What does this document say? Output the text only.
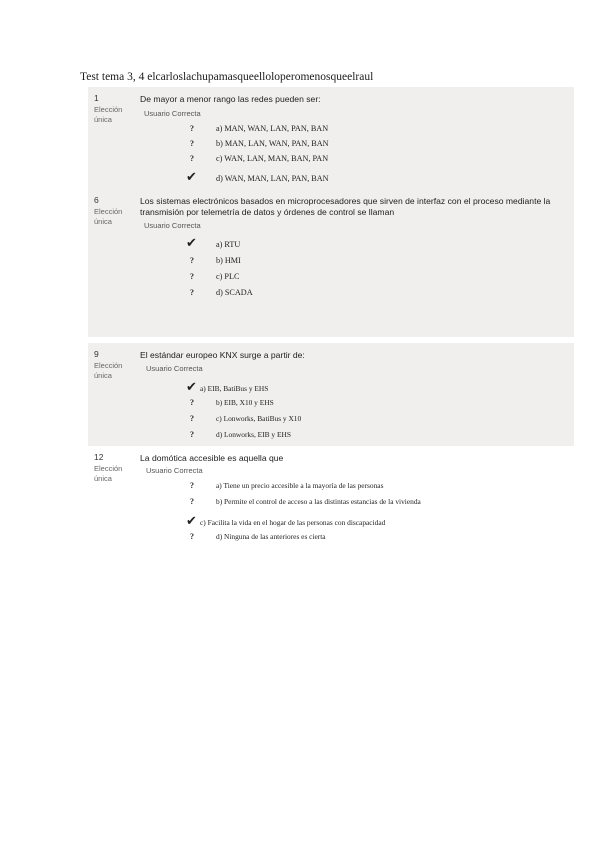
Test tema 3, 4 elcarloslachupamasqueelloloperomenosqueelraul
1
Elección única
De mayor a menor rango las redes pueden ser:
Usuario Correcta
?	a) MAN, WAN, LAN, PAN, BAN
?	b) MAN, LAN, WAN, PAN, BAN
?	c) WAN, LAN, MAN, BAN, PAN
✔ d) WAN, MAN, LAN, PAN, BAN
6
Elección única
Los sistemas electrónicos basados en microprocesadores que sirven de interfaz con el proceso mediante la transmisión por telemetría de datos y órdenes de control se llaman
Usuario Correcta
✔ a) RTU
?	b) HMI
?	c) PLC
?	d) SCADA
9
Elección única
El estándar europeo KNX surge a partir de:
Usuario Correcta
✔ a) EIB, BatiBus y EHS
?	b) EIB, X10 y EHS
?	c) Lonworks, BatiBus y X10
?	d) Lonworks, EIB y EHS
12
Elección única
La domótica accesible es aquella que
Usuario Correcta
?	a) Tiene un precio accesible a la mayoría de las personas
?	b) Permite el control de acceso a las distintas estancias de la vivienda
✔ c) Facilita la vida en el hogar de las personas con discapacidad
?	d) Ninguna de las anteriores es cierta
